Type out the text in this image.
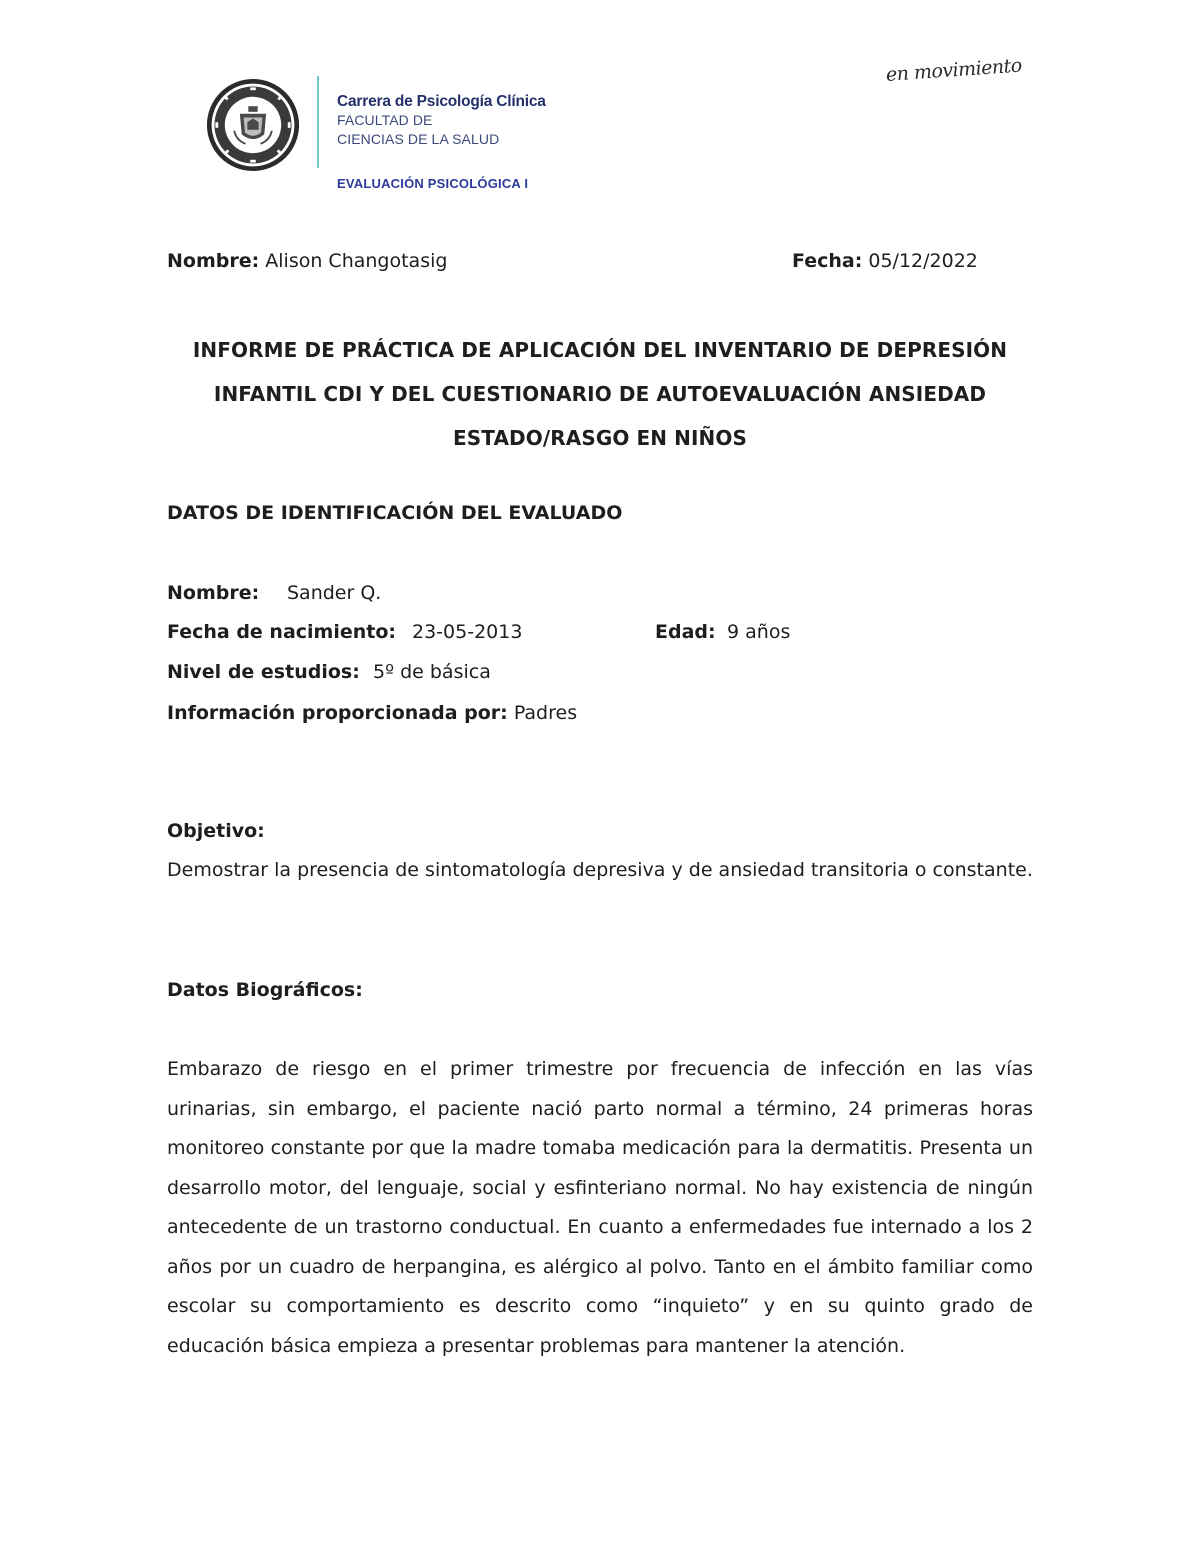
Carrera de Psicología Clínica
FACULTAD DE
CIENCIAS DE LA SALUD
EVALUACIÓN PSICOLÓGICA I
en movimiento
Nombre: Alison Changotasig	Fecha: 05/12/2022
INFORME DE PRÁCTICA DE APLICACIÓN DEL INVENTARIO DE DEPRESIÓN
INFANTIL CDI Y DEL CUESTIONARIO DE AUTOEVALUACIÓN ANSIEDAD
ESTADO/RASGO EN NIÑOS
DATOS DE IDENTIFICACIÓN DEL EVALUADO
Nombre: Sander Q.
Fecha de nacimiento: 23-05-2013	Edad: 9 años
Nivel de estudios: 5º de básica
Información proporcionada por: Padres
Objetivo:
Demostrar la presencia de sintomatología depresiva y de ansiedad transitoria o constante.
Datos Biográficos:
Embarazo de riesgo en el primer trimestre por frecuencia de infección en las vías urinarias, sin embargo, el paciente nació parto normal a término, 24 primeras horas monitoreo constante por que la madre tomaba medicación para la dermatitis. Presenta un desarrollo motor, del lenguaje, social y esfinteriano normal. No hay existencia de ningún antecedente de un trastorno conductual. En cuanto a enfermedades fue internado a los 2 años por un cuadro de herpangina, es alérgico al polvo. Tanto en el ámbito familiar como escolar su comportamiento es descrito como “inquieto” y en su quinto grado de educación básica empieza a presentar problemas para mantener la atención.
